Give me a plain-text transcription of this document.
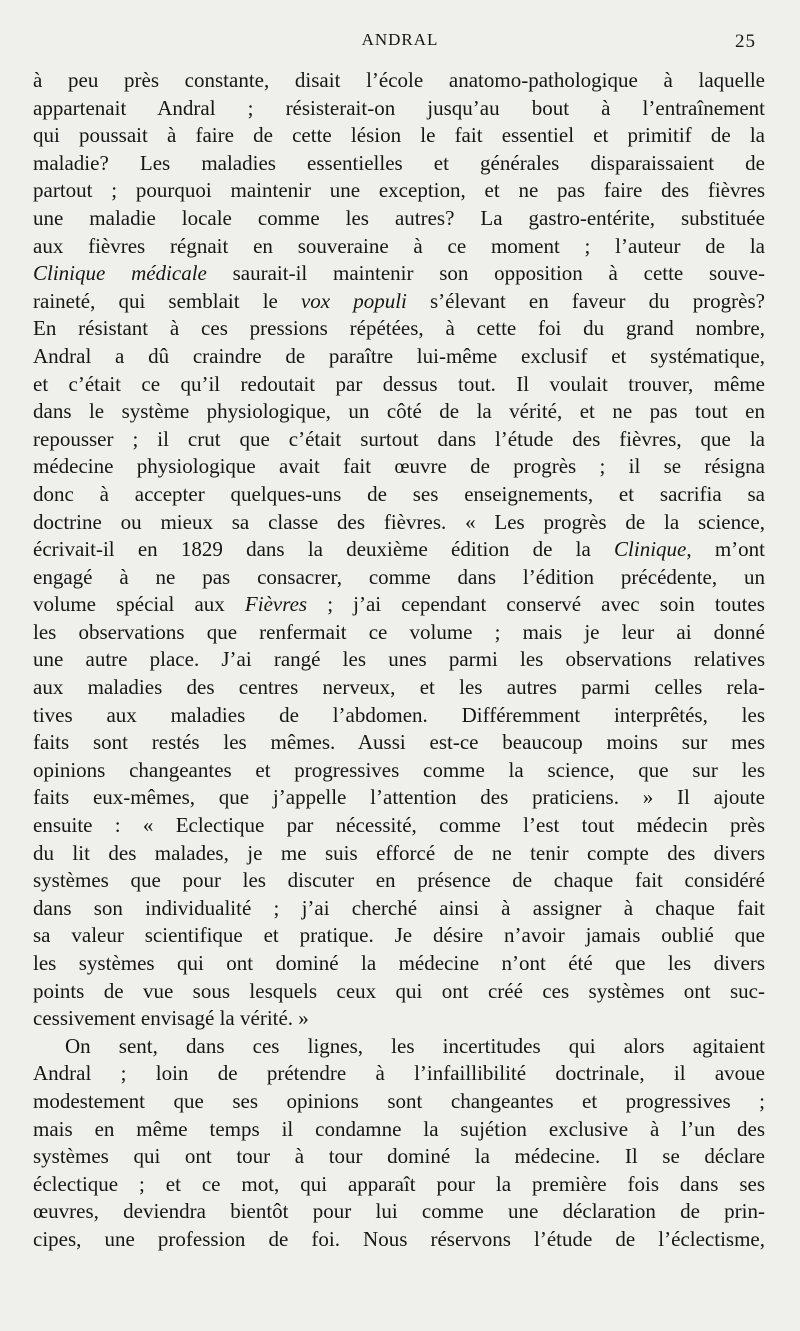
ANDRAL	25
à peu près constante, disait l’école anatomo-pathologique à laquelle
appartenait Andral ; résisterait-on jusqu’au bout à l’entraînement
qui poussait à faire de cette lésion le fait essentiel et primitif de la
maladie? Les maladies essentielles et générales disparaissaient de
partout ; pourquoi maintenir une exception, et ne pas faire des fièvres
une maladie locale comme les autres? La gastro-entérite, substituée
aux fièvres régnait en souveraine à ce moment ; l’auteur de la
Clinique médicale saurait-il maintenir son opposition à cette souve-
raineté, qui semblait le vox populi s’élevant en faveur du progrès?
En résistant à ces pressions répétées, à cette foi du grand nombre,
Andral a dû craindre de paraître lui-même exclusif et systématique,
et c’était ce qu’il redoutait par dessus tout. Il voulait trouver, même
dans le système physiologique, un côté de la vérité, et ne pas tout en
repousser ; il crut que c’était surtout dans l’étude des fièvres, que la
médecine physiologique avait fait œuvre de progrès ; il se résigna
donc à accepter quelques-uns de ses enseignements, et sacrifia sa
doctrine ou mieux sa classe des fièvres. « Les progrès de la science,
écrivait-il en 1829 dans la deuxième édition de la Clinique, m’ont
engagé à ne pas consacrer, comme dans l’édition précédente, un
volume spécial aux Fièvres ; j’ai cependant conservé avec soin toutes
les observations que renfermait ce volume ; mais je leur ai donné
une autre place. J’ai rangé les unes parmi les observations relatives
aux maladies des centres nerveux, et les autres parmi celles rela-
tives aux maladies de l’abdomen. Différemment interprêtés, les
faits sont restés les mêmes. Aussi est-ce beaucoup moins sur mes
opinions changeantes et progressives comme la science, que sur les
faits eux-mêmes, que j’appelle l’attention des praticiens. » Il ajoute
ensuite : « Eclectique par nécessité, comme l’est tout médecin près
du lit des malades, je me suis efforcé de ne tenir compte des divers
systèmes que pour les discuter en présence de chaque fait considéré
dans son individualité ; j’ai cherché ainsi à assigner à chaque fait
sa valeur scientifique et pratique. Je désire n’avoir jamais oublié que
les systèmes qui ont dominé la médecine n’ont été que les divers
points de vue sous lesquels ceux qui ont créé ces systèmes ont suc-
cessivement envisagé la vérité. »
On sent, dans ces lignes, les incertitudes qui alors agitaient
Andral ; loin de prétendre à l’infaillibilité doctrinale, il avoue
modestement que ses opinions sont changeantes et progressives ;
mais en même temps il condamne la sujétion exclusive à l’un des
systèmes qui ont tour à tour dominé la médecine. Il se déclare
éclectique ; et ce mot, qui apparaît pour la première fois dans ses
œuvres, deviendra bientôt pour lui comme une déclaration de prin-
cipes, une profession de foi. Nous réservons l’étude de l’éclectisme,
